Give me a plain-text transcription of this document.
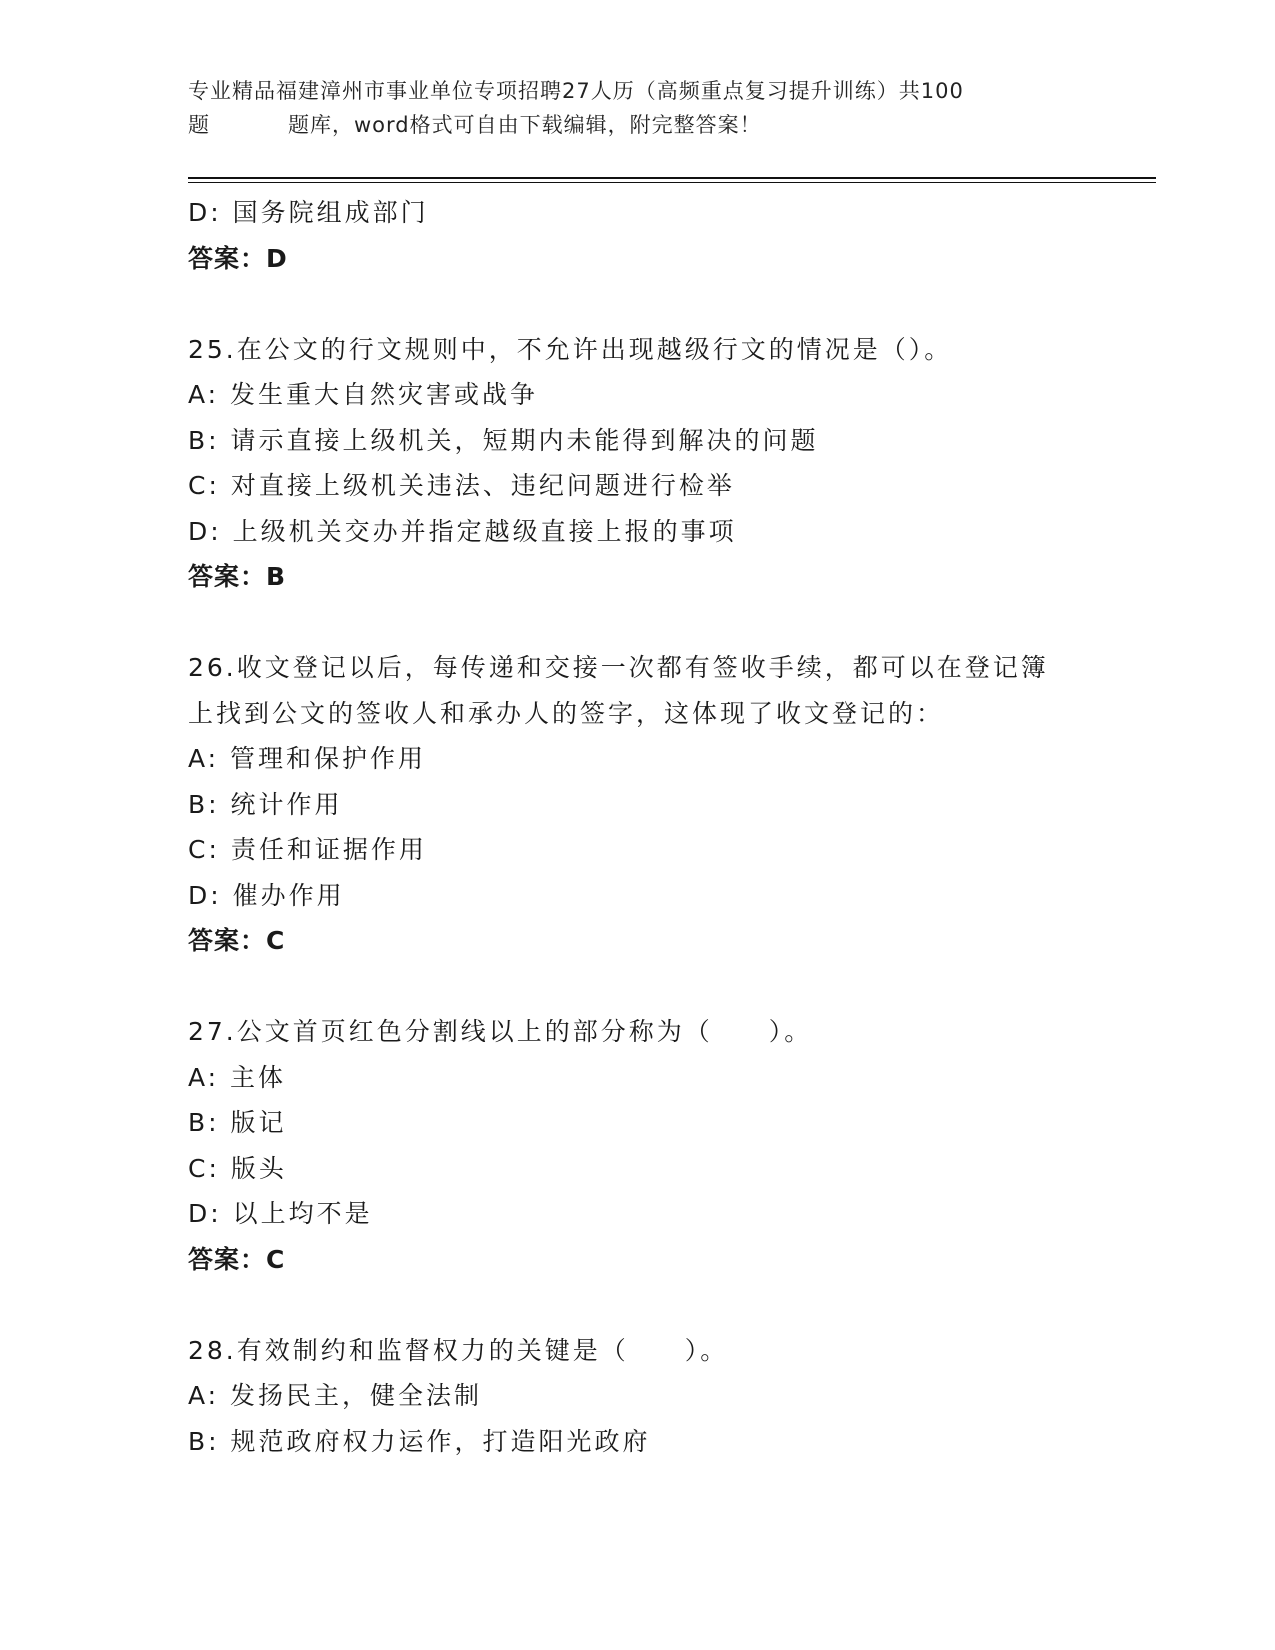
专业精品福建漳州市事业单位专项招聘27人历（高频重点复习提升训练）共100

题	题库，word格式可自由下载编辑，附完整答案！
D: 国务院组成部门
答案：D
25.在公文的行文规则中，不允许出现越级行文的情况是（）。
A: 发生重大自然灾害或战争
B: 请示直接上级机关，短期内未能得到解决的问题
C: 对直接上级机关违法、违纪问题进行检举
D: 上级机关交办并指定越级直接上报的事项
答案：B
26.收文登记以后，每传递和交接一次都有签收手续，都可以在登记簿
上找到公文的签收人和承办人的签字，这体现了收文登记的：
A: 管理和保护作用
B: 统计作用
C: 责任和证据作用
D: 催办作用
答案：C
27.公文首页红色分割线以上的部分称为（　　）。
A: 主体
B: 版记
C: 版头
D: 以上均不是
答案：C
28.有效制约和监督权力的关键是（　　）。
A: 发扬民主，健全法制
B: 规范政府权力运作，打造阳光政府
